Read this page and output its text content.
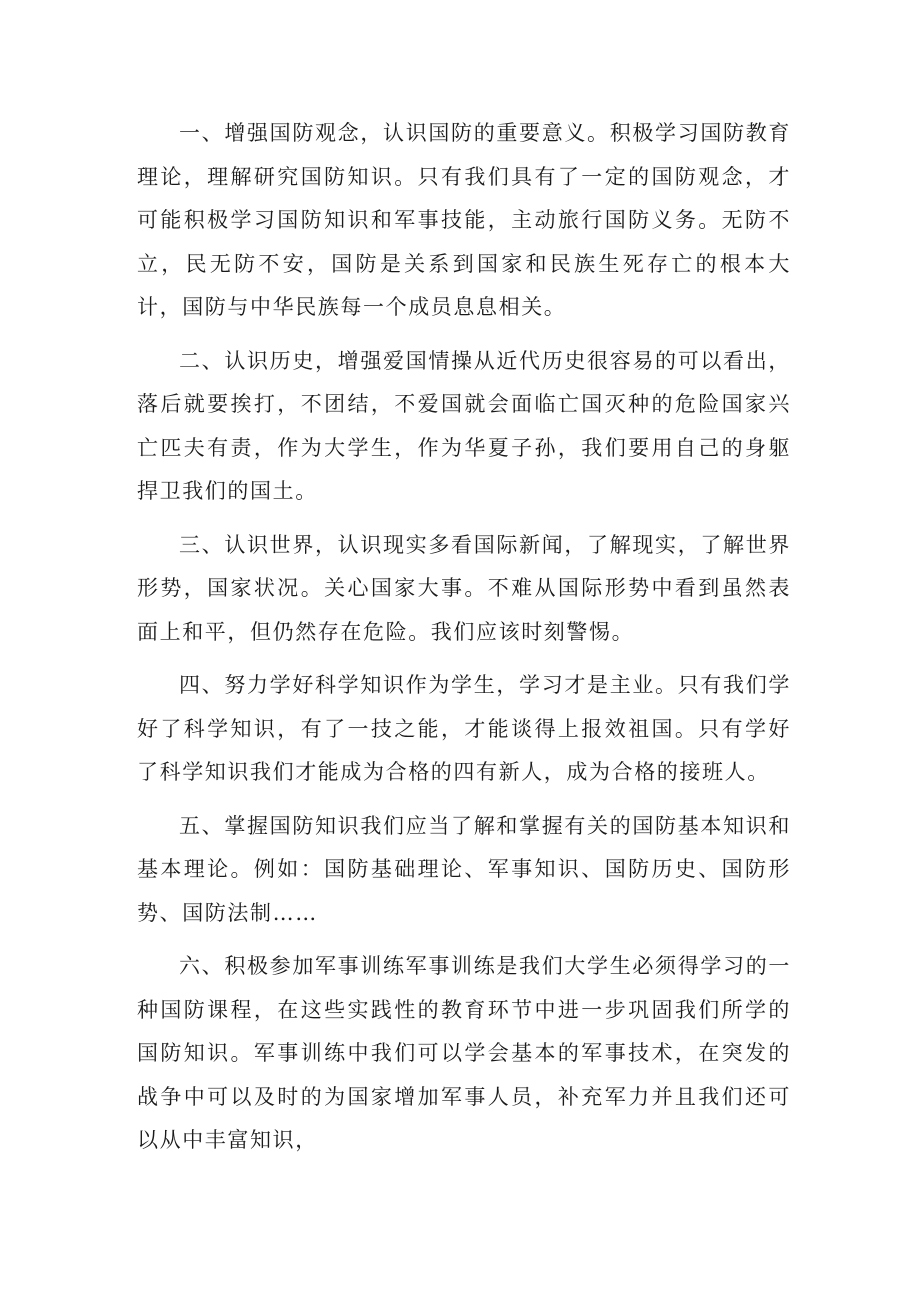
一、增强国防观念，认识国防的重要意义。积极学习国防教育理论，理解研究国防知识。只有我们具有了一定的国防观念，才可能积极学习国防知识和军事技能，主动旅行国防义务。无防不立，民无防不安，国防是关系到国家和民族生死存亡的根本大计，国防与中华民族每一个成员息息相关。

二、认识历史，增强爱国情操从近代历史很容易的可以看出，落后就要挨打，不团结，不爱国就会面临亡国灭种的危险国家兴亡匹夫有责，作为大学生，作为华夏子孙，我们要用自己的身躯捍卫我们的国土。

三、认识世界，认识现实多看国际新闻，了解现实，了解世界形势，国家状况。关心国家大事。不难从国际形势中看到虽然表面上和平，但仍然存在危险。我们应该时刻警惕。

四、努力学好科学知识作为学生，学习才是主业。只有我们学好了科学知识，有了一技之能，才能谈得上报效祖国。只有学好了科学知识我们才能成为合格的四有新人，成为合格的接班人。

五、掌握国防知识我们应当了解和掌握有关的国防基本知识和基本理论。例如：国防基础理论、军事知识、国防历史、国防形势、国防法制……

六、积极参加军事训练军事训练是我们大学生必须得学习的一种国防课程，在这些实践性的教育环节中进一步巩固我们所学的国防知识。军事训练中我们可以学会基本的军事技术，在突发的战争中可以及时的为国家增加军事人员，补充军力并且我们还可以从中丰富知识，
